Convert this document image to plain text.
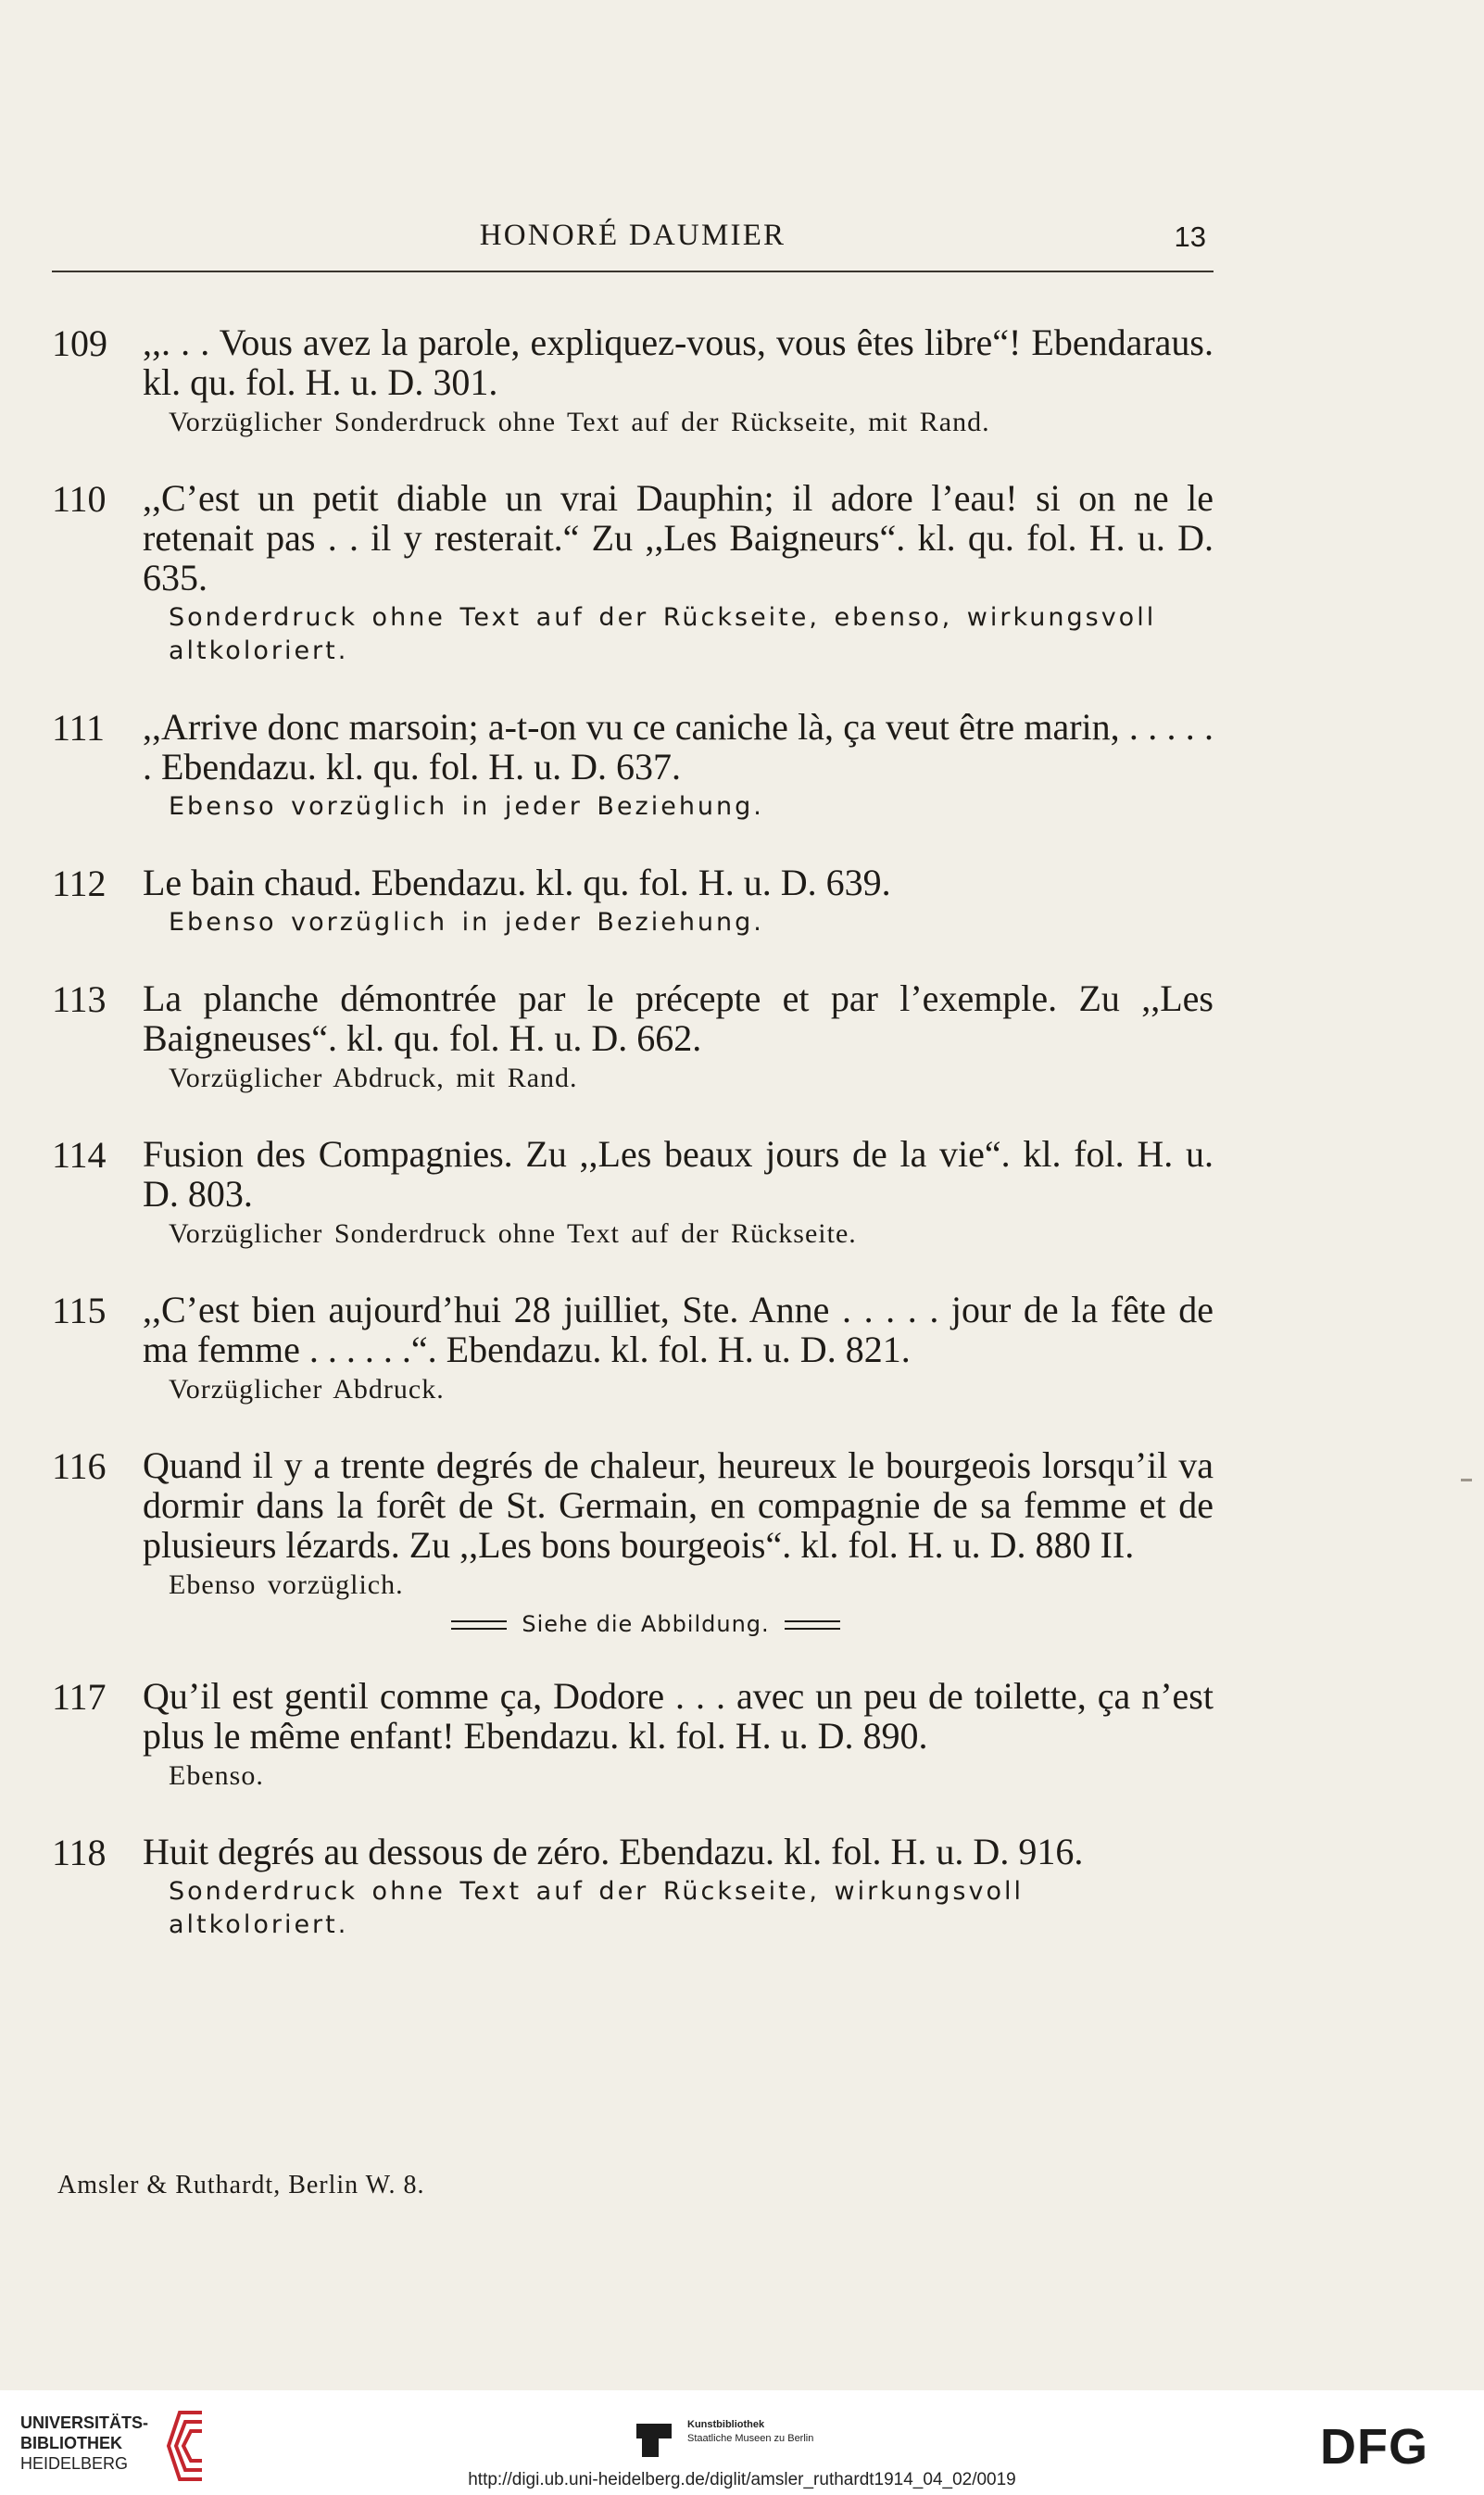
HONORÉ DAUMIER	13
109 ,,. . . Vous avez la parole, expliquez-vous, vous êtes libre“! Ebendaraus. kl. qu. fol. H. u. D. 301.
Vorzüglicher Sonderdruck ohne Text auf der Rückseite, mit Rand.
110 ,,C’est un petit diable un vrai Dauphin; il adore l’eau! si on ne le retenait pas . . il y resterait.“ Zu ,,Les Baigneurs“. kl. qu. fol. H. u. D. 635.
Sonderdruck ohne Text auf der Rückseite, ebenso, wirkungsvoll altkoloriert.
111 ,,Arrive donc marsoin; a-t-on vu ce caniche là, ça veut être marin, . . . . . . Ebendazu. kl. qu. fol. H. u. D. 637.
Ebenso vorzüglich in jeder Beziehung.
112 Le bain chaud. Ebendazu. kl. qu. fol. H. u. D. 639.
Ebenso vorzüglich in jeder Beziehung.
113 La planche démontrée par le précepte et par l’exemple. Zu ,,Les Baigneuses“. kl. qu. fol. H. u. D. 662.
Vorzüglicher Abdruck, mit Rand.
114 Fusion des Compagnies. Zu ,,Les beaux jours de la vie“. kl. fol. H. u. D. 803.
Vorzüglicher Sonderdruck ohne Text auf der Rückseite.
115 ,,C’est bien aujourd’hui 28 juilliet, Ste. Anne . . . . . jour de la fête de ma femme . . . . . .“. Ebendazu. kl. fol. H. u. D. 821.
Vorzüglicher Abdruck.
116 Quand il y a trente degrés de chaleur, heureux le bourgeois lorsqu’il va dormir dans la forêt de St. Germain, en compagnie de sa femme et de plusieurs lézards. Zu ,,Les bons bourgeois“. kl. fol. H. u. D. 880 II.
Ebenso vorzüglich.
Siehe die Abbildung.
117 Qu’il est gentil comme ça, Dodore . . . avec un peu de toilette, ça n’est plus le même enfant! Ebendazu. kl. fol. H. u. D. 890.
Ebenso.
118 Huit degrés au dessous de zéro. Ebendazu. kl. fol. H. u. D. 916.
Sonderdruck ohne Text auf der Rückseite, wirkungsvoll altkoloriert.
Amsler & Ruthardt, Berlin W. 8.
UNIVERSITÄTS-
BIBLIOTHEK
HEIDELBERG
Kunstbibliothek
Staatliche Museen zu Berlin	DFG
http://digi.ub.uni-heidelberg.de/diglit/amsler_ruthardt1914_04_02/0019
